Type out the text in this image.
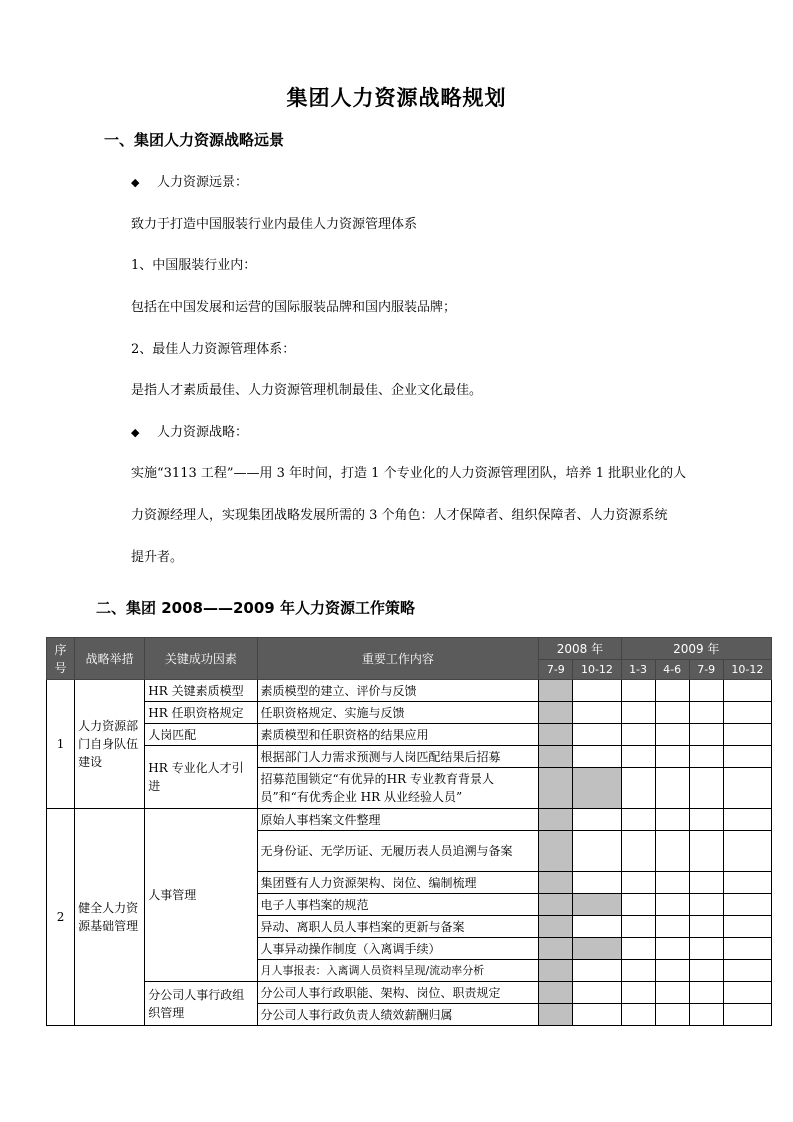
集团人力资源战略规划
一、集团人力资源战略远景
◆ 人力资源远景：
致力于打造中国服装行业内最佳人力资源管理体系
1、中国服装行业内：
包括在中国发展和运营的国际服装品牌和国内服装品牌；
2、最佳人力资源管理体系：
是指人才素质最佳、人力资源管理机制最佳、企业文化最佳。
◆ 人力资源战略：
实施“3113 工程”——用 3 年时间，打造 1 个专业化的人力资源管理团队，培养 1 批职业化的人
力资源经理人，实现集团战略发展所需的 3 个角色：人才保障者、组织保障者、人力资源系统
提升者。
二、集团 2008——2009 年人力资源工作策略
序号	战略举措	关键成功因素	重要工作内容	2008 年		2009 年			
				7-9	10-12	1-3	4-6	7-9	10-12
1	人力资源部门自身队伍建设	HR 关键素质模型	素质模型的建立、评价与反馈						
		HR 任职资格规定	任职资格规定、实施与反馈						
		人岗匹配	素质模型和任职资格的结果应用						
		HR 专业化人才引进	根据部门人力需求预测与人岗匹配结果后招募						
			招募范围锁定“有优异的HR 专业教育背景人员”和“有优秀企业 HR 从业经验人员”						
2	健全人力资源基础管理	人事管理	原始人事档案文件整理						
			无身份证、无学历证、无履历表人员追溯与备案						
			集团暨有人力资源架构、岗位、编制梳理						
			电子人事档案的规范						
			异动、离职人员人事档案的更新与备案						
			人事异动操作制度（入离调手续）						
			月人事报表：入离调人员资料呈现/流动率分析						
		分公司人事行政组织管理	分公司人事行政职能、架构、岗位、职责规定						
			分公司人事行政负责人绩效薪酬归属						
